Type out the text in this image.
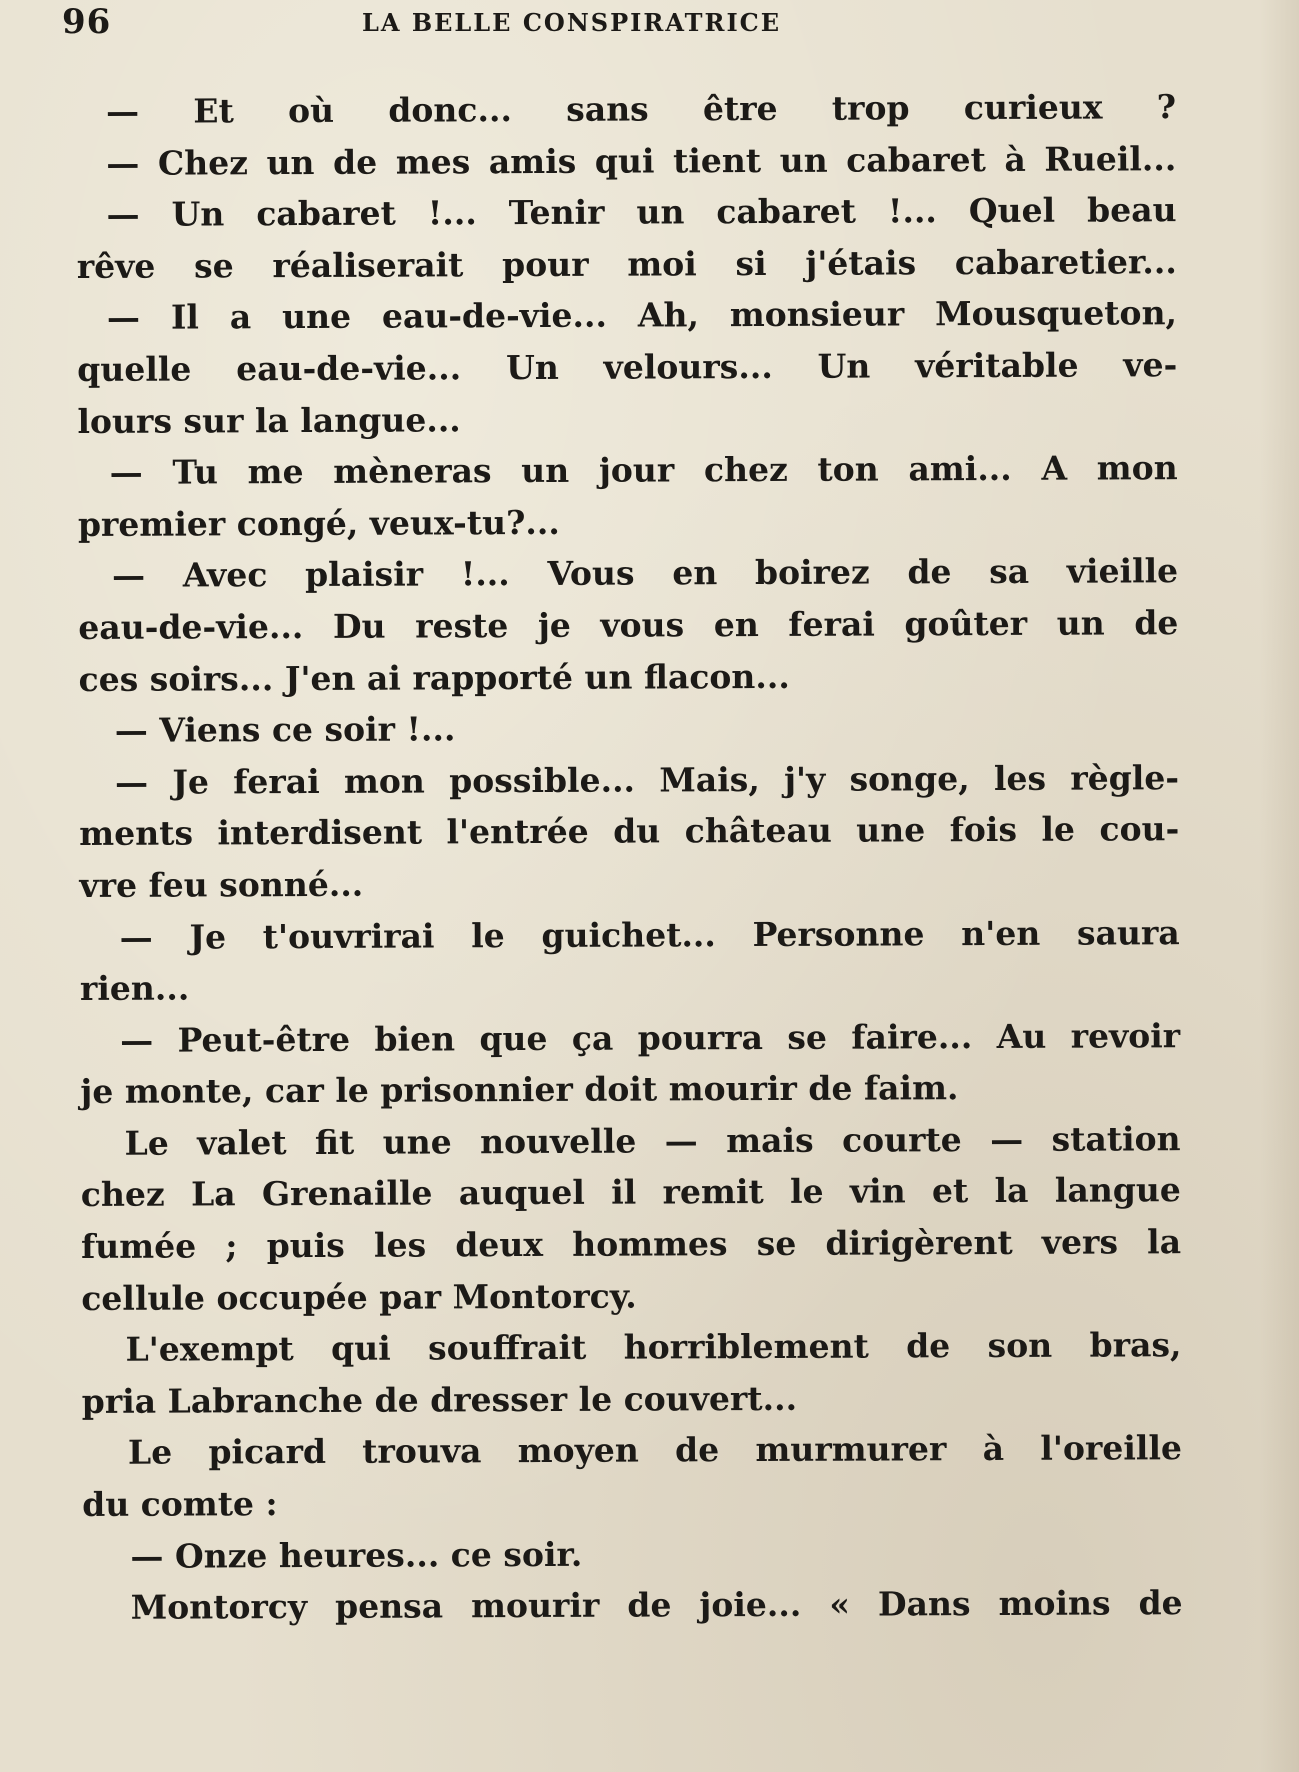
96	LA BELLE CONSPIRATRICE
— Et où donc... sans être trop curieux ?
— Chez un de mes amis qui tient un cabaret à Rueil...
— Un cabaret !... Tenir un cabaret !... Quel beau
rêve se réaliserait pour moi si j'étais cabaretier...
— Il a une eau-de-vie... Ah, monsieur Mousqueton,
quelle eau-de-vie... Un velours... Un véritable ve-
lours sur la langue...
— Tu me mèneras un jour chez ton ami... A mon
premier congé, veux-tu?...
— Avec plaisir !... Vous en boirez de sa vieille
eau-de-vie... Du reste je vous en ferai goûter un de
ces soirs... J'en ai rapporté un flacon...
— Viens ce soir !...
— Je ferai mon possible... Mais, j'y songe, les règle-
ments interdisent l'entrée du château une fois le cou-
vre feu sonné...
— Je t'ouvrirai le guichet... Personne n'en saura
rien...
— Peut-être bien que ça pourra se faire... Au revoir
je monte, car le prisonnier doit mourir de faim.
Le valet fit une nouvelle — mais courte — station
chez La Grenaille auquel il remit le vin et la langue
fumée ; puis les deux hommes se dirigèrent vers la
cellule occupée par Montorcy.
L'exempt qui souffrait horriblement de son bras,
pria Labranche de dresser le couvert...
Le picard trouva moyen de murmurer à l'oreille
du comte :
— Onze heures... ce soir.
Montorcy pensa mourir de joie... « Dans moins de
